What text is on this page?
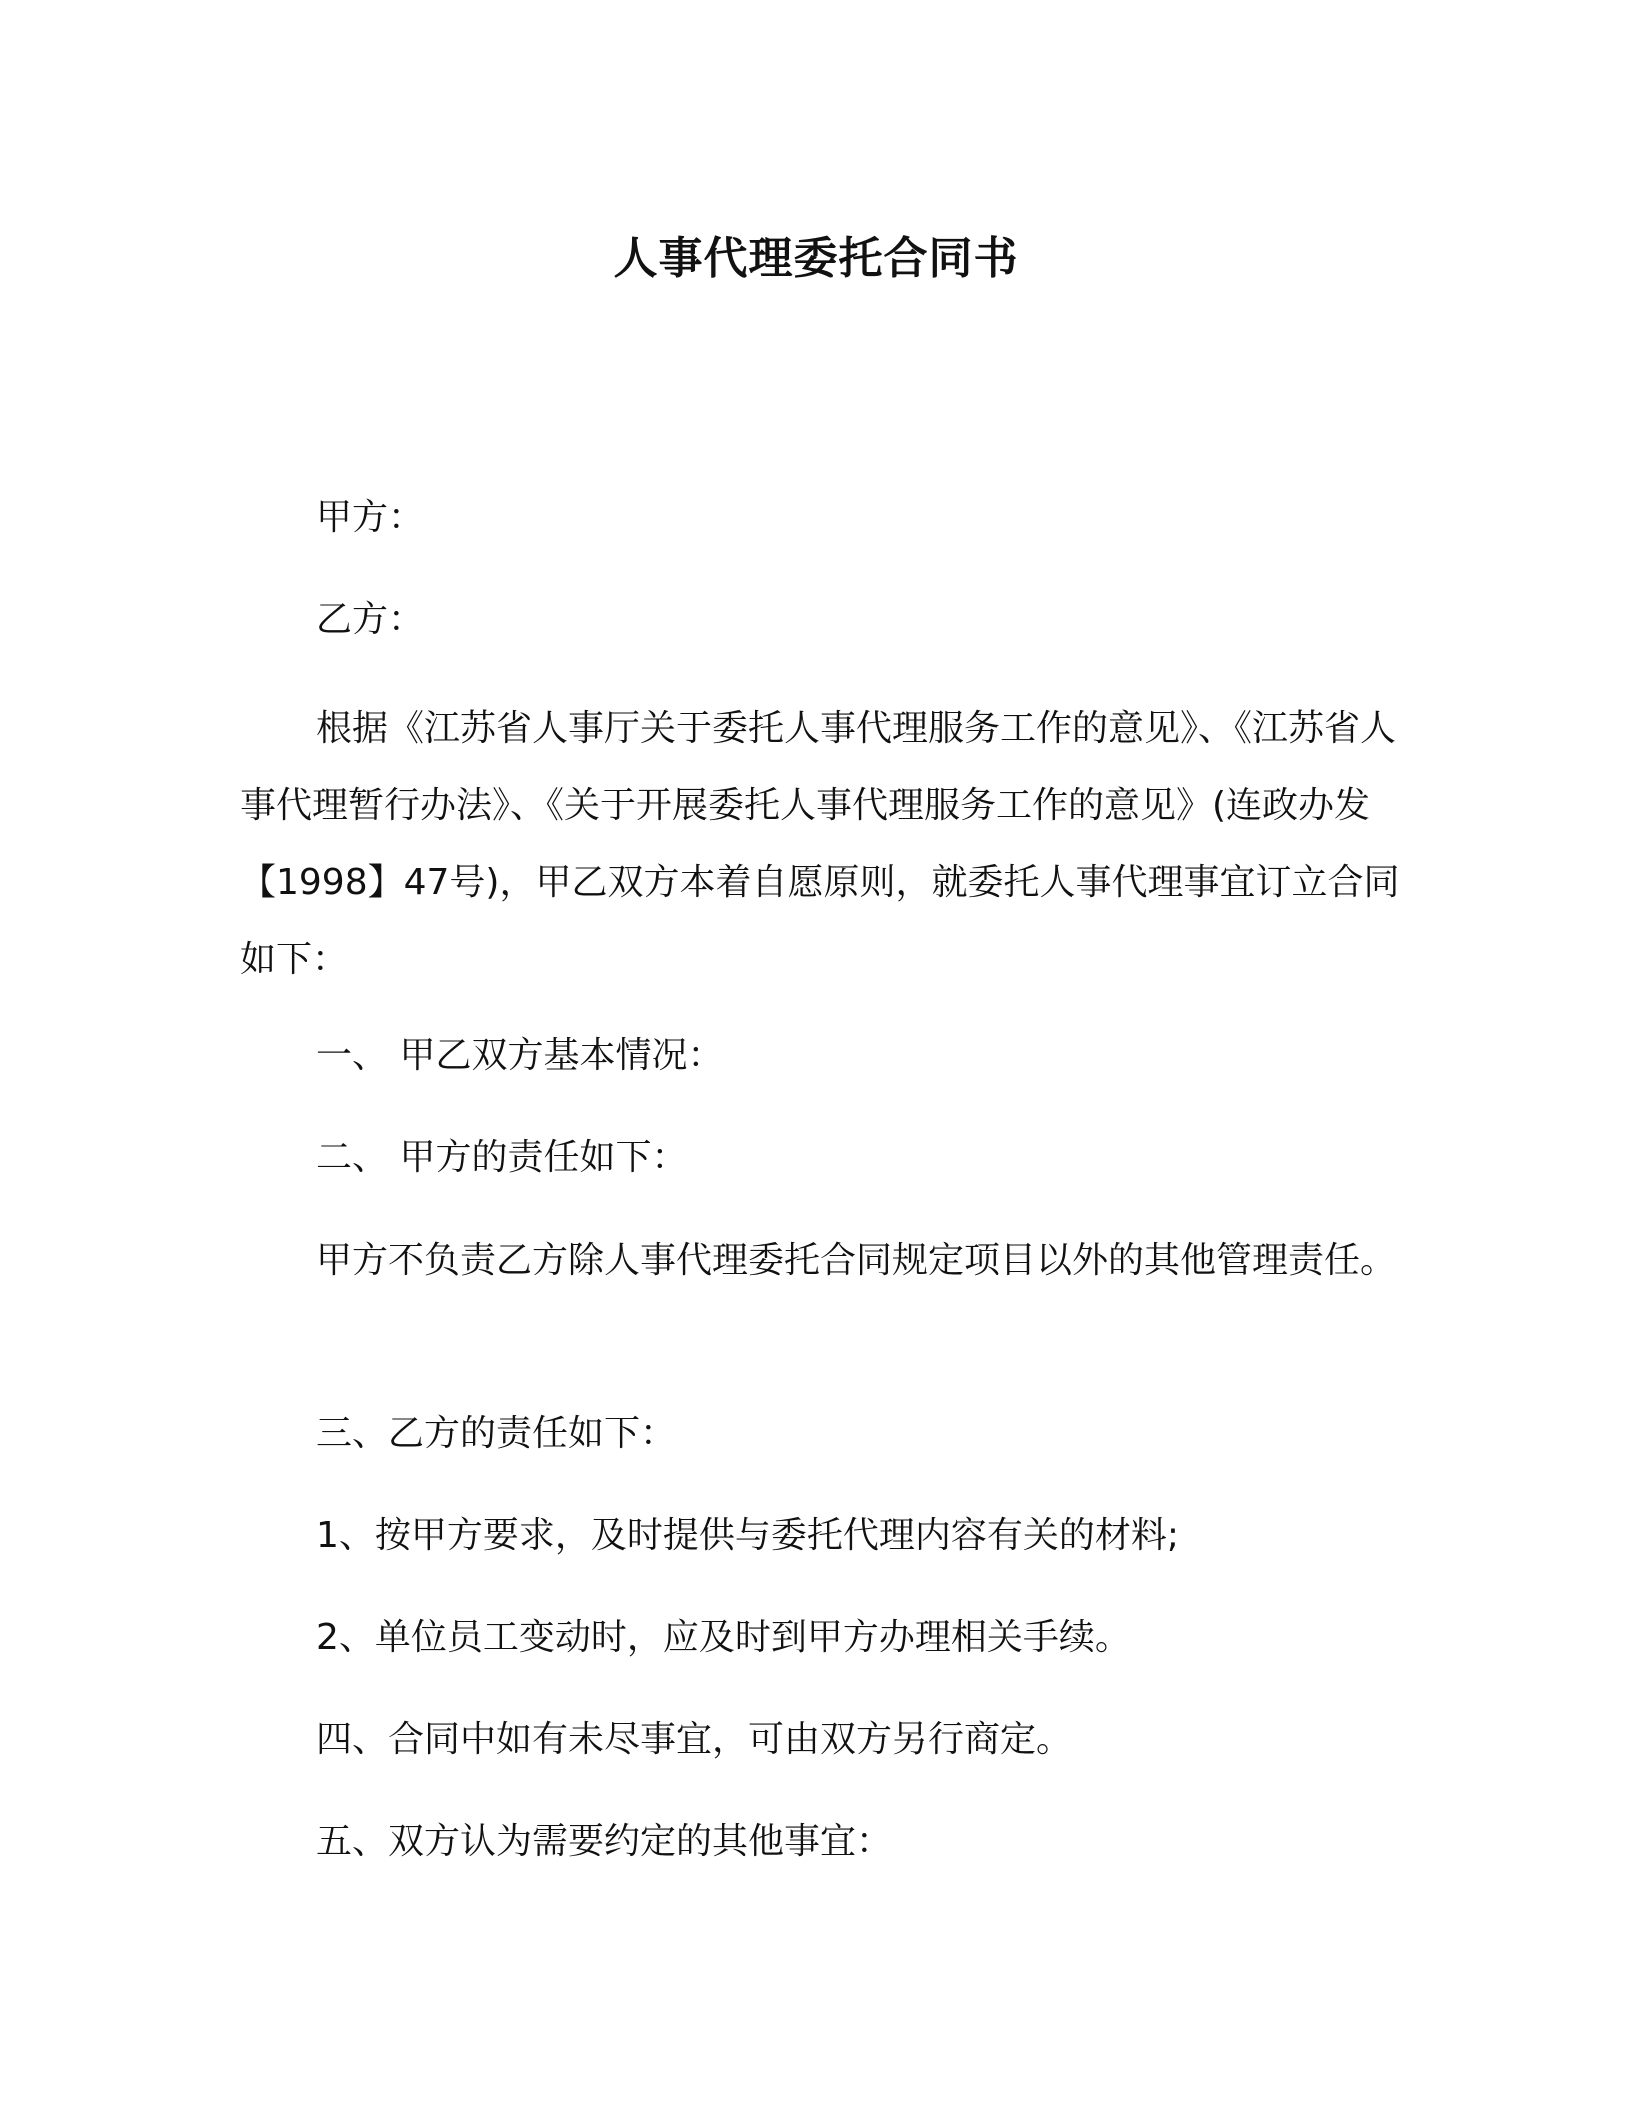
人事代理委托合同书

甲方：

乙方：

根据《江苏省人事厅关于委托人事代理服务工作的意见》、《江苏省人事代理暂行办法》、《关于开展委托人事代理服务工作的意见》(连政办发【1998】47号)，甲乙双方本着自愿原则，就委托人事代理事宜订立合同如下：

一、 甲乙双方基本情况：

二、 甲方的责任如下：

甲方不负责乙方除人事代理委托合同规定项目以外的其他管理责任。

三、乙方的责任如下：

1、按甲方要求，及时提供与委托代理内容有关的材料;

2、单位员工变动时，应及时到甲方办理相关手续。

四、合同中如有未尽事宜，可由双方另行商定。

五、双方认为需要约定的其他事宜：
